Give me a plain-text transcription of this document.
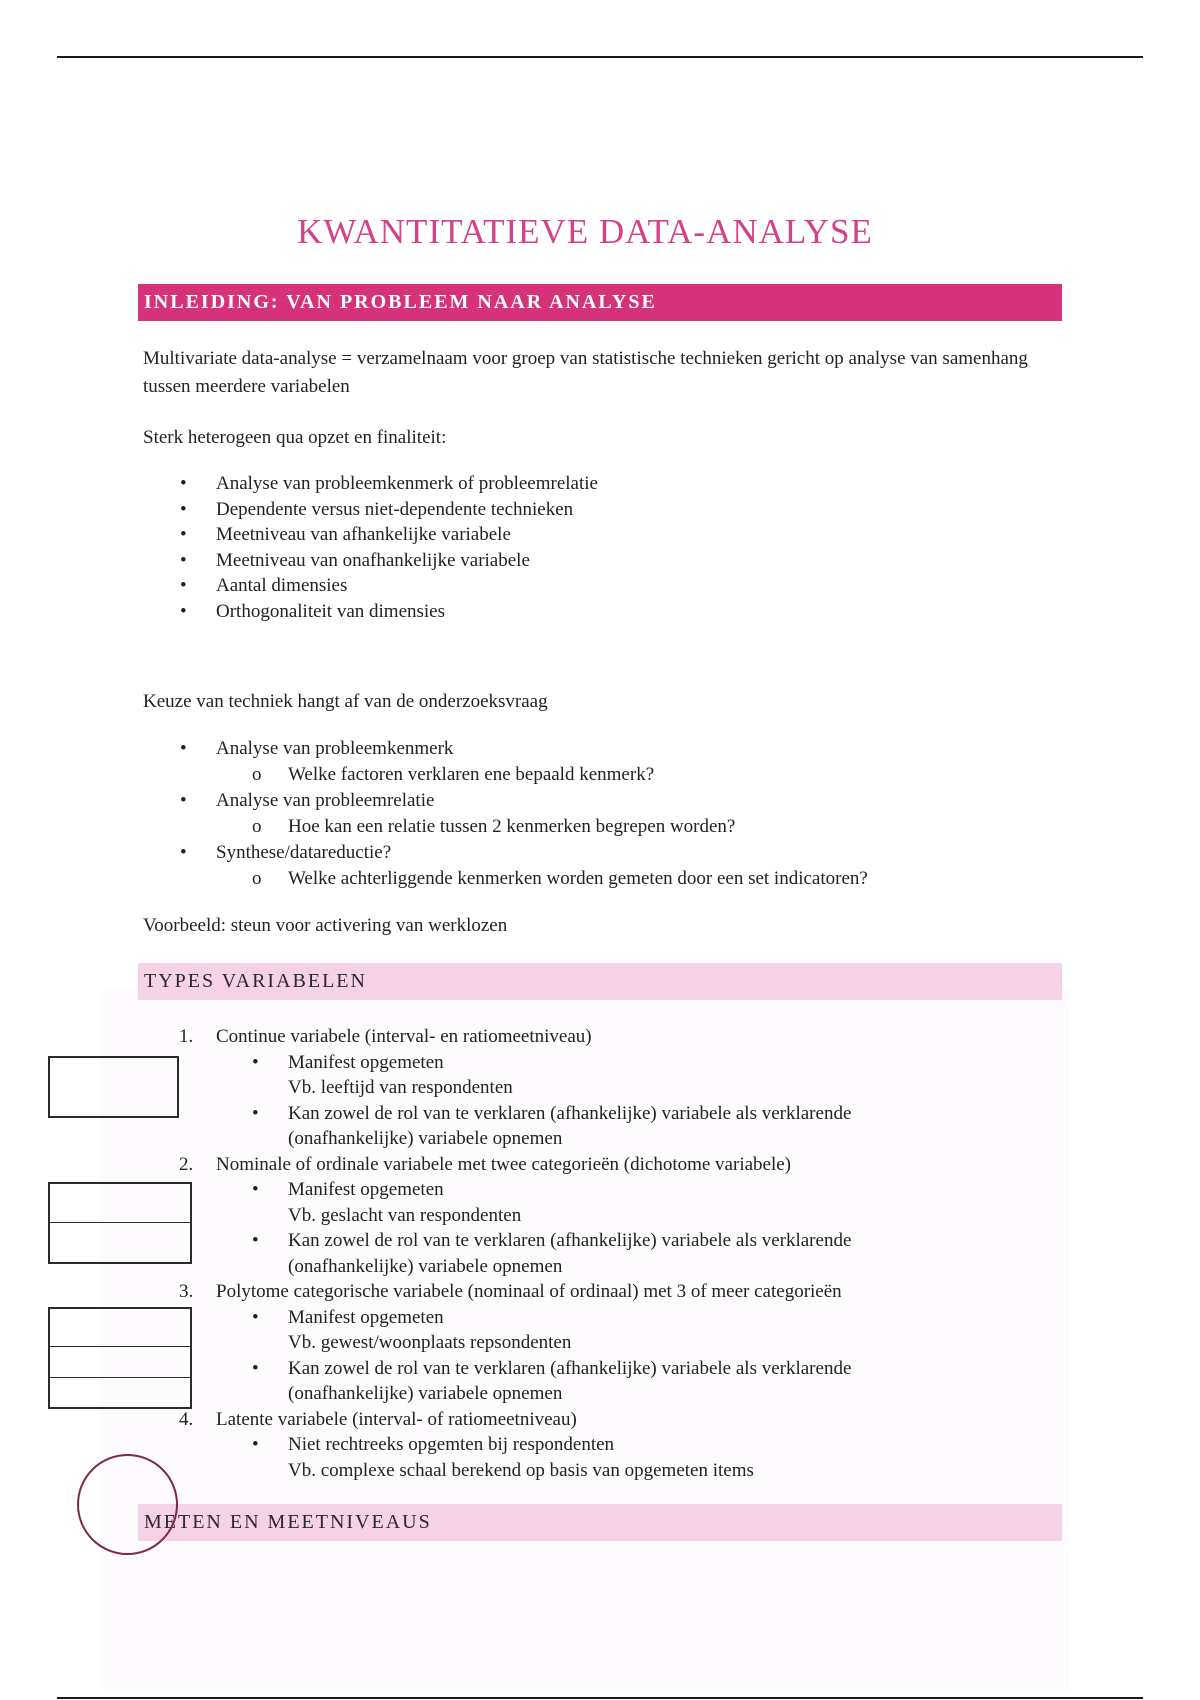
KWANTITATIEVE DATA-ANALYSE
INLEIDING: VAN PROBLEEM NAAR ANALYSE
Multivariate data-analyse = verzamelnaam voor groep van statistische technieken gericht op analyse van samenhang tussen meerdere variabelen
Sterk heterogeen qua opzet en finaliteit:
• Analyse van probleemkenmerk of probleemrelatie
• Dependente versus niet-dependente technieken
• Meetniveau van afhankelijke variabele
• Meetniveau van onafhankelijke variabele
• Aantal dimensies
• Orthogonaliteit van dimensies
Keuze van techniek hangt af van de onderzoeksvraag
• Analyse van probleemkenmerk
o Welke factoren verklaren ene bepaald kenmerk?
• Analyse van probleemrelatie
o Hoe kan een relatie tussen 2 kenmerken begrepen worden?
• Synthese/datareductie?
o Welke achterliggende kenmerken worden gemeten door een set indicatoren?
Voorbeeld: steun voor activering van werklozen
TYPES VARIABELEN
1. Continue variabele (interval- en ratiomeetniveau)
• Manifest opgemeten
Vb. leeftijd van respondenten
• Kan zowel de rol van te verklaren (afhankelijke) variabele als verklarende
(onafhankelijke) variabele opnemen
2. Nominale of ordinale variabele met twee categorieën (dichotome variabele)
• Manifest opgemeten
Vb. geslacht van respondenten
• Kan zowel de rol van te verklaren (afhankelijke) variabele als verklarende
(onafhankelijke) variabele opnemen
3. Polytome categorische variabele (nominaal of ordinaal) met 3 of meer categorieën
• Manifest opgemeten
Vb. gewest/woonplaats repsondenten
• Kan zowel de rol van te verklaren (afhankelijke) variabele als verklarende
(onafhankelijke) variabele opnemen
4. Latente variabele (interval- of ratiomeetniveau)
• Niet rechtreeks opgemten bij respondenten
Vb. complexe schaal berekend op basis van opgemeten items
METEN EN MEETNIVEAUS
